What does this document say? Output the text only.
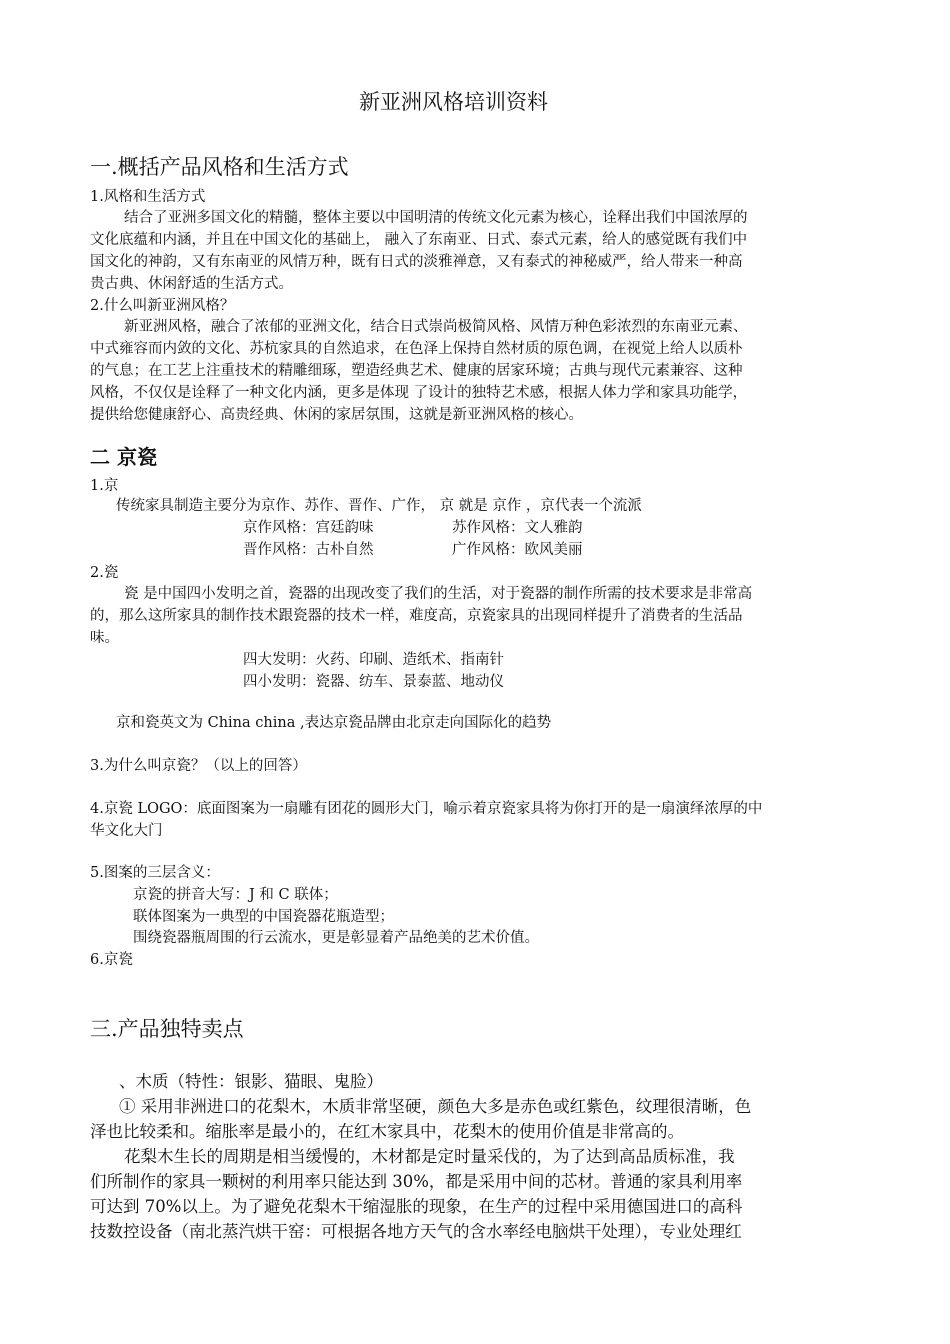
新亚洲风格培训资料
一.概括产品风格和生活方式
1.风格和生活方式
结合了亚洲多国文化的精髓，整体主要以中国明清的传统文化元素为核心，诠释出我们中国浓厚的
文化底蕴和内涵，并且在中国文化的基础上， 融入了东南亚、日式、泰式元素，给人的感觉既有我们中
国文化的神韵，又有东南亚的风情万种，既有日式的淡雅禅意，又有泰式的神秘威严，给人带来一种高
贵古典、休闲舒适的生活方式。
2.什么叫新亚洲风格？
新亚洲风格，融合了浓郁的亚洲文化，结合日式崇尚极简风格、风情万种色彩浓烈的东南亚元素、
中式雍容而内敛的文化、苏杭家具的自然追求，在色泽上保持自然材质的原色调，在视觉上给人以质朴
的气息；在工艺上注重技术的精雕细琢，塑造经典艺术、健康的居家环境；古典与现代元素兼容、这种
风格，不仅仅是诠释了一种文化内涵，更多是体现 了设计的独特艺术感，根据人体力学和家具功能学，
提供给您健康舒心、高贵经典、休闲的家居氛围，这就是新亚洲风格的核心。
二 京瓷
1.京
传统家具制造主要分为京作、苏作、晋作、广作， 京 就是 京作 ，京代表一个流派
京作风格：宫廷韵味	苏作风格：文人雅韵
晋作风格：古朴自然	广作风格：欧风美丽
2.瓷
瓷 是中国四小发明之首，瓷器的出现改变了我们的生活，对于瓷器的制作所需的技术要求是非常高
的，那么这所家具的制作技术跟瓷器的技术一样，难度高，京瓷家具的出现同样提升了消费者的生活品
味。
四大发明：火药、印刷、造纸术、指南针
四小发明：瓷器、纺车、景泰蓝、地动仪
京和瓷英文为 China china ,表达京瓷品牌由北京走向国际化的趋势
3.为什么叫京瓷？（以上的回答）
4.京瓷 LOGO：底面图案为一扇雕有团花的圆形大门，喻示着京瓷家具将为你打开的是一扇演绎浓厚的中
华文化大门
5.图案的三层含义：
京瓷的拼音大写：J 和 C 联体；
联体图案为一典型的中国瓷器花瓶造型；
围绕瓷器瓶周围的行云流水，更是彰显着产品绝美的艺术价值。
6.京瓷
三.产品独特卖点
、木质（特性：银影、猫眼、鬼脸）
① 采用非洲进口的花梨木，木质非常坚硬，颜色大多是赤色或红紫色，纹理很清晰，色
泽也比较柔和。缩胀率是最小的，在红木家具中，花梨木的使用价值是非常高的。
花梨木生长的周期是相当缓慢的，木材都是定时量采伐的，为了达到高品质标准，我
们所制作的家具一颗树的利用率只能达到 30%，都是采用中间的芯材。普通的家具利用率
可达到 70%以上。为了避免花梨木干缩湿胀的现象，在生产的过程中采用德国进口的高科
技数控设备（南北蒸汽烘干窑：可根据各地方天气的含水率经电脑烘干处理），专业处理红
